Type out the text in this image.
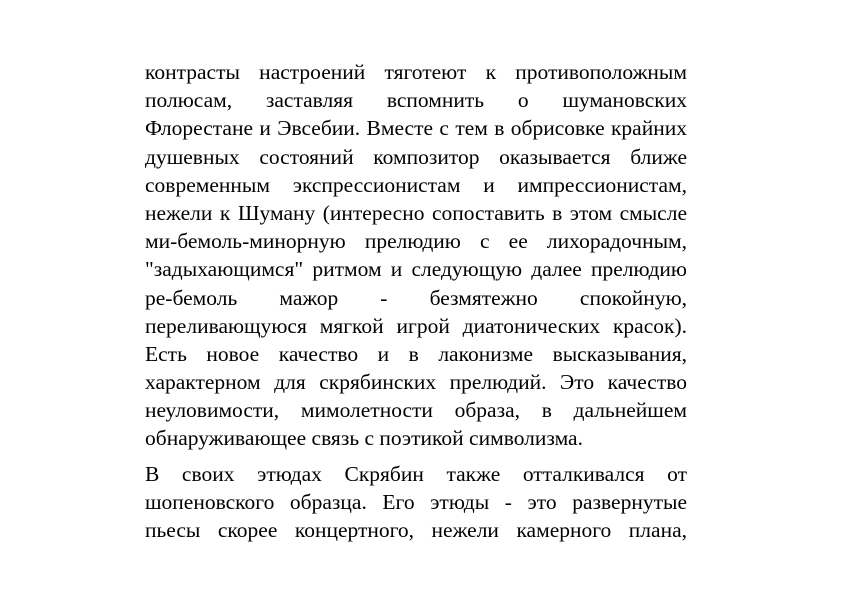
контрасты настроений тяготеют к противоположным
полюсам, заставляя вспомнить о шумановских
Флорестане и Эвсебии. Вместе с тем в обрисовке крайних
душевных состояний композитор оказывается ближе
современным экспрессионистам и импрессионистам,
нежели к Шуману (интересно сопоставить в этом смысле
ми-бемоль-минорную прелюдию с ее лихорадочным,
"задыхающимся" ритмом и следующую далее прелюдию
ре-бемоль мажор - безмятежно спокойную,
переливающуюся мягкой игрой диатонических красок).
Есть новое качество и в лаконизме высказывания,
характерном для скрябинских прелюдий. Это качество
неуловимости, мимолетности образа, в дальнейшем
обнаруживающее связь с поэтикой символизма.
В своих этюдах Скрябин также отталкивался от
шопеновского образца. Его этюды - это развернутые
пьесы скорее концертного, нежели камерного плана,
